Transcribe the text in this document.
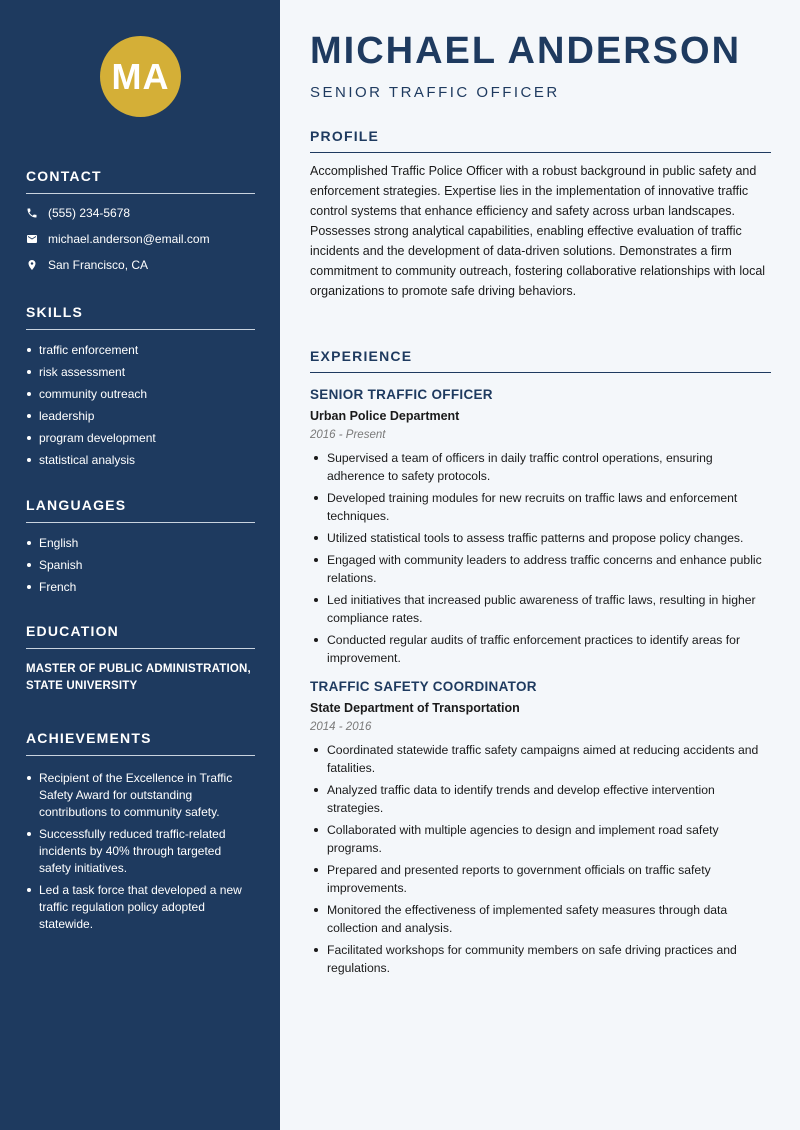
MA
CONTACT
(555) 234-5678
michael.anderson@email.com
San Francisco, CA
SKILLS
traffic enforcement
risk assessment
community outreach
leadership
program development
statistical analysis
LANGUAGES
English
Spanish
French
EDUCATION
MASTER OF PUBLIC ADMINISTRATION,
STATE UNIVERSITY
ACHIEVEMENTS
Recipient of the Excellence in Traffic Safety Award for outstanding contributions to community safety.
Successfully reduced traffic-related incidents by 40% through targeted safety initiatives.
Led a task force that developed a new traffic regulation policy adopted statewide.
MICHAEL ANDERSON
SENIOR TRAFFIC OFFICER
PROFILE

Accomplished Traffic Police Officer with a robust background in public safety and enforcement strategies. Expertise lies in the implementation of innovative traffic control systems that enhance efficiency and safety across urban landscapes. Possesses strong analytical capabilities, enabling effective evaluation of traffic incidents and the development of data-driven solutions. Demonstrates a firm commitment to community outreach, fostering collaborative relationships with local organizations to promote safe driving behaviors.

EXPERIENCE
SENIOR TRAFFIC OFFICER
Urban Police Department
2016 - Present
Supervised a team of officers in daily traffic control operations, ensuring adherence to safety protocols.
Developed training modules for new recruits on traffic laws and enforcement techniques.
Utilized statistical tools to assess traffic patterns and propose policy changes.
Engaged with community leaders to address traffic concerns and enhance public relations.
Led initiatives that increased public awareness of traffic laws, resulting in higher compliance rates.
Conducted regular audits of traffic enforcement practices to identify areas for improvement.
TRAFFIC SAFETY COORDINATOR
State Department of Transportation
2014 - 2016
Coordinated statewide traffic safety campaigns aimed at reducing accidents and fatalities.
Analyzed traffic data to identify trends and develop effective intervention strategies.
Collaborated with multiple agencies to design and implement road safety programs.
Prepared and presented reports to government officials on traffic safety improvements.
Monitored the effectiveness of implemented safety measures through data collection and analysis.
Facilitated workshops for community members on safe driving practices and regulations.
